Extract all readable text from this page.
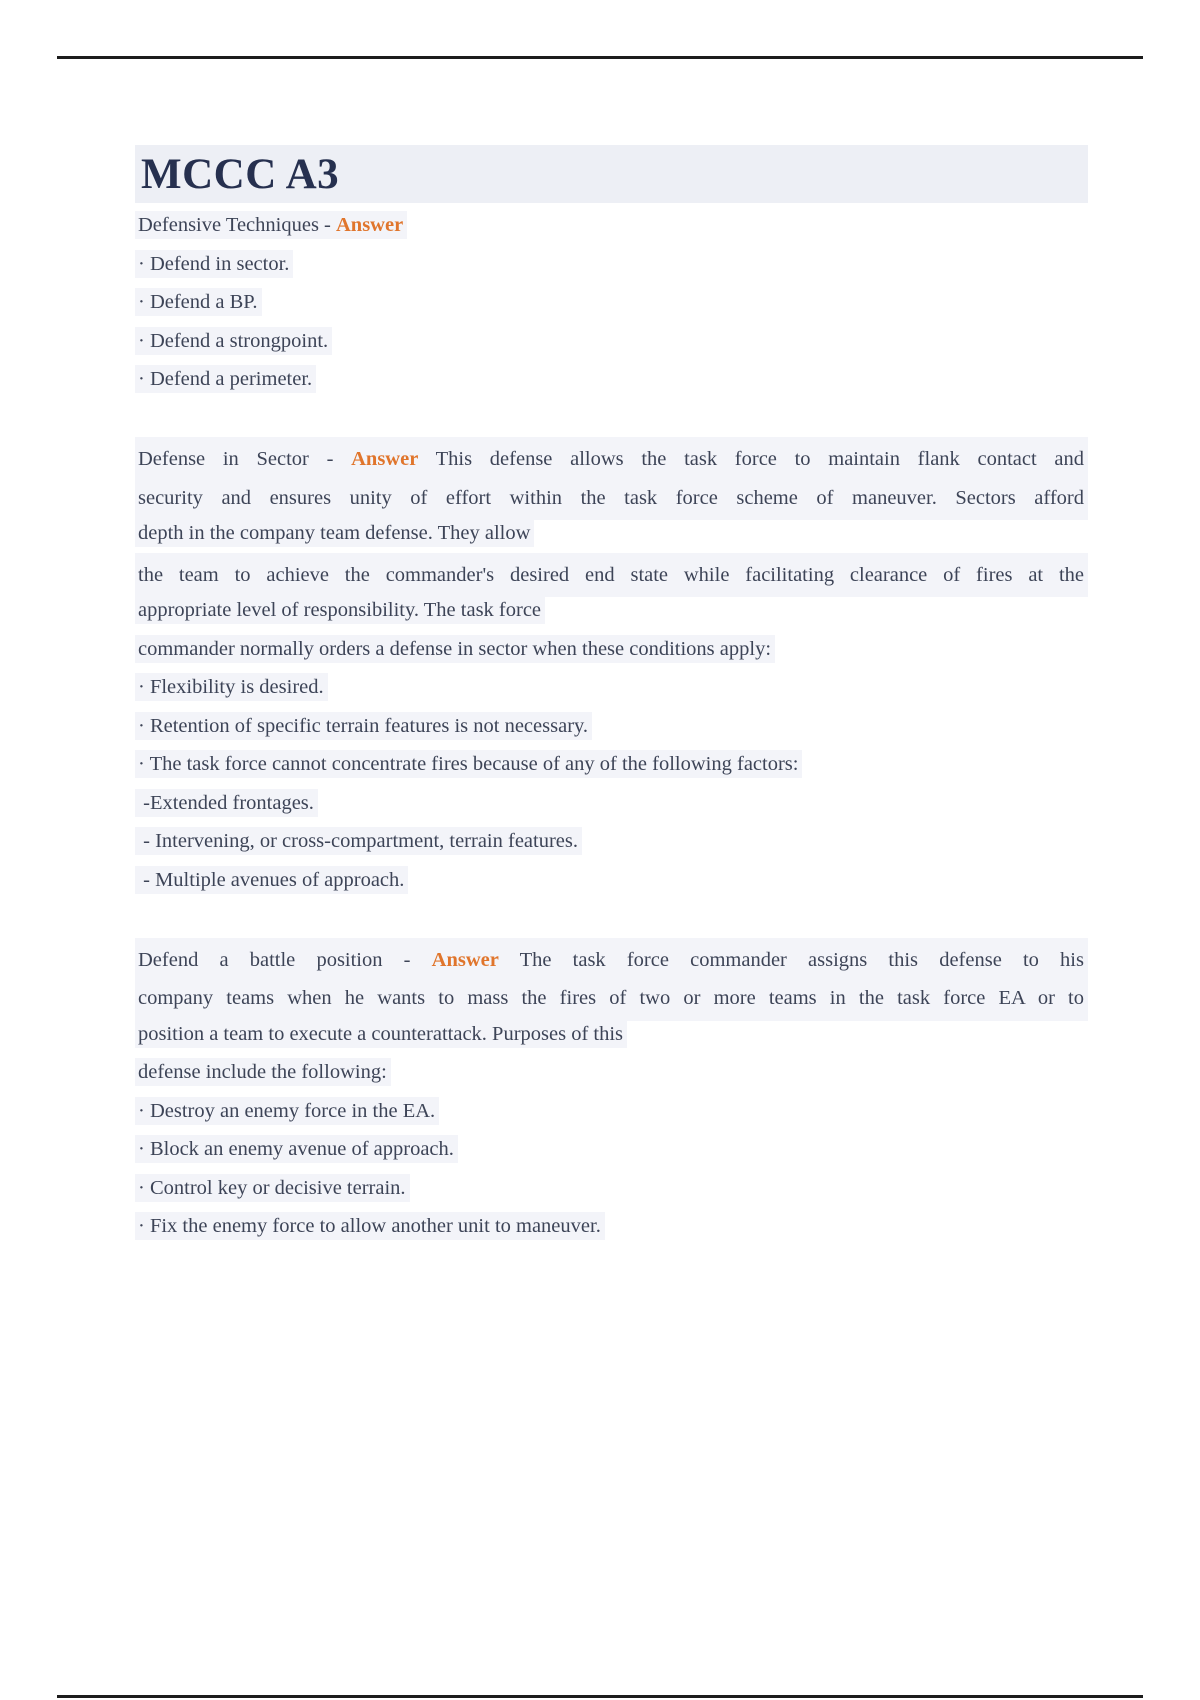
MCCC A3
Defensive Techniques - Answer
· Defend in sector.
· Defend a BP.
· Defend a strongpoint.
· Defend a perimeter.
Defense in Sector - Answer This defense allows the task force to maintain flank contact and
security and ensures unity of effort within the task force scheme of maneuver. Sectors afford
depth in the company team defense. They allow
the team to achieve the commander's desired end state while facilitating clearance of fires at the
appropriate level of responsibility. The task force
commander normally orders a defense in sector when these conditions apply:
· Flexibility is desired.
· Retention of specific terrain features is not necessary.
· The task force cannot concentrate fires because of any of the following factors:
-Extended frontages.
- Intervening, or cross-compartment, terrain features.
- Multiple avenues of approach.
Defend a battle position - Answer The task force commander assigns this defense to his
company teams when he wants to mass the fires of two or more teams in the task force EA or to
position a team to execute a counterattack. Purposes of this
defense include the following:
· Destroy an enemy force in the EA.
· Block an enemy avenue of approach.
· Control key or decisive terrain.
· Fix the enemy force to allow another unit to maneuver.
